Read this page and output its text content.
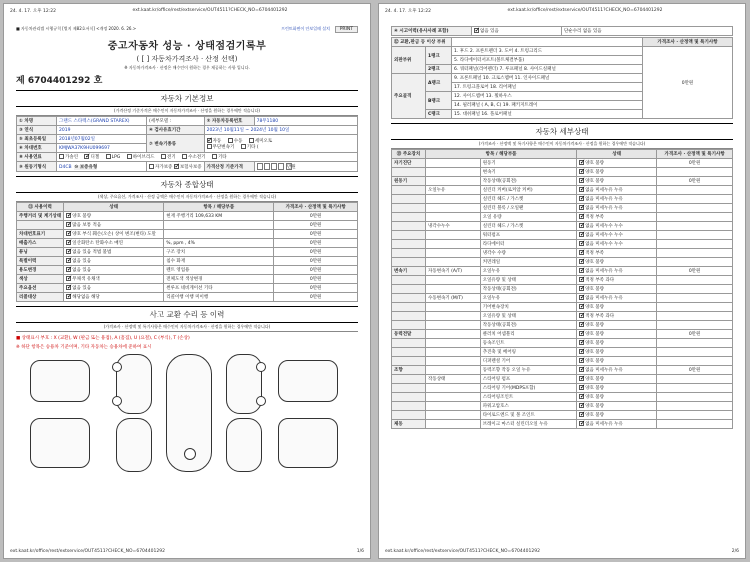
24. 4. 17. 오후 12:22	ext.kaat.kr/office/rest/extservice/OUT4511?CHECK_NO=6704401292
■ 자동차관리법 시행규칙 [별지 제82호서식] <개정 2020. 6. 26.>	프린트화면이 안보일때 설치	PRINT
중고자동차 성능 · 상태점검기록부
( [ ] 자동차가격조사 · 산정 선택)
※ 자동차가격조사 · 산정은 매수인이 원하는 경우 제공하는 사항 입니다.
제 6704401292 호
자동차 기본정보
(가격산정 기준가격은 매수인이 자동차가격조사 · 산정을 원하는 경우에만 적습니다)
① 차명	그랜드 스타렉스(GRAND STAREX)	(세부모델 :	② 자동차등록번호	78무1180
③ 연식	2019	④ 검사유효기간	2023년 10월11일 ~ 2024년 10월 10일	
⑤ 최초등록일	2018년07월02일	⑦ 변속기종류	✓자동 수동 세미오토
무단변속기 기타 (
⑥ 차대번호	KMJWA37K9HU099697			
⑧ 사용연료	가솔린 ✓ 디젤 LPG 하이브리드 전기 수소전기 기타
⑨ 원동기형식	D4CB ⑩ 보증유형	자가보증 ✓ 보험사보증	가격산정 기준가격	만원
자동차 종합상태
(색상, 주요옵션, 가격조사 · 산정 금액은 매수인이 자동차가격조사 · 산정을 원하는 경우에만 적습니다)
⑪ 사용이력	상태	항목 / 해당부품	가격조사 · 산정액 및 특기사항
주행거리 및 계기상태	✓양호 불량	현재 주행거리 109,633 KM	0만원
	✓많음 보통 적음		0만원
차대번호표기	✓양호 부식 훼손(오손) 상이 변조(변타) 도말		0만원
배출가스	✓일산화탄소 탄화수소 매연	%, ppm , 4%	0만원
튜닝	✓없음 있음 적법 불법	구조 장치	0만원
특별이력	✓없음 있음	침수 화재	0만원
용도변경	✓없음 있음	렌트 영업용	0만원
색상	✓무채색 유채색	전체도색 색상변경	0만원
주요옵션	✓없음 있음	썬루프 네비게이션 기타	0만원
리콜대상	✓해당없음 해당	리콜이행 이행 미이행	0만원
사고 교환 수리 등 이력
(가격조사 · 산정액 및 특기사항은 매수인이 자동차가격조사 · 산정을 원하는 경우에만 적습니다)
■ 상태표시 부호 : X (교환), W (판금 또는 용접), A (흠집), U (요철), C (부식), T (손상)
※ 하단 항목은 승용차 기준이며, 기타 자동차는 승용차에 준하여 표시
ext.kaat.kr/office/rest/extservice/OUT4511?CHECK_NO=6704401292	1/6
24. 4. 17. 오후 12:22	ext.kaat.kr/office/rest/extservice/OUT4511?CHECK_NO=6704401292
④ 시고이력(유사사례 포함)	✓없음 있음	단순수리 없음 있음
⑫ 교환,판금 등 이상 부위			가격조사 · 산정액 및 특기사항
외판부위	1랭크	1. 후드 2. 프론트펜더 3. 도어 4. 트렁크리드	0만원
		5. 라디에이터서포트(볼트체결부품)	
	2랭크	6. 쿼터패널(리어펜더) 7. 루프패널 8. 사이드실패널	
주요골격	A랭크	9. 프론트패널 10. 크로스멤버 11. 인사이드패널	
		17. 트렁크플로어 18. 리어패널	
	B랭크	12. 사이드멤버 13. 휠하우스	
		14. 필러패널 ( A, B, C) 19. 패키지트레이	
	C랭크	15. 대쉬패널 16. 플로어패널	
자동차 세부상태
(가격조사 · 산정액 및 특기사항은 매수인이 자동차가격조사 · 산정을 원하는 경우에만 적습니다)
⑬ 주요장치	항목 / 해당부품		상태	가격조사 · 산정액 및 특기사항
자기진단		원동기	✓양호 불량	0만원
		변속기	✓양호 불량	
원동기		작동상태(공회전)	✓양호 불량	0만원
	오일누유	실린더 커버(로커암 커버)	✓없음 미세누유 누유	
		실린더 헤드 / 가스켓	✓없음 미세누유 누유	
		실린더 블록 / 오일팬	✓없음 미세누유 누유	
		오일 유량	✓적정 부족	
	냉각수누수	실린더 헤드 / 가스켓	✓없음 미세누수 누수	
		워터펌프	✓없음 미세누수 누수	
		라디에이터	✓없음 미세누수 누수	
		냉각수 수량	✓적정 부족	
		커먼레일	✓양호 불량	
변속기	자동변속기 (A/T)	오일누유	✓없음 미세누유 누유	0만원
		오일유량 및 상태	✓적정 부족 과다	
		작동상태(공회전)	✓양호 불량	
	수동변속기 (M/T)	오일누유	✓없음 미세누유 누유	
		기어변속장치	✓양호 불량	
		오일유량 및 상태	✓적정 부족 과다	
		작동상태(공회전)	✓양호 불량	
동력전달		클러치 어셈블리	✓양호 불량	0만원
		등속조인트	✓양호 불량	
		추진축 및 베어링	✓양호 불량	
		디퍼렌셜 기어	✓양호 불량	
조향		동력조향 작동 오일 누유	✓없음 미세누유 누유	0만원
	작동상태	스티어링 펌프	✓양호 불량	
		스티어링 기어(MDPS포함)	✓양호 불량	
		스티어링조인트	✓양호 불량	
		파워고압호스	✓양호 불량	
		타이로드엔드 및 볼 조인트	✓양호 불량	
제동		브레이크 마스터 실린더오일 누유	✓없음 미세누유 누유	
ext.kaat.kr/office/rest/extservice/OUT4511?CHECK_NO=6704401292	2/6
